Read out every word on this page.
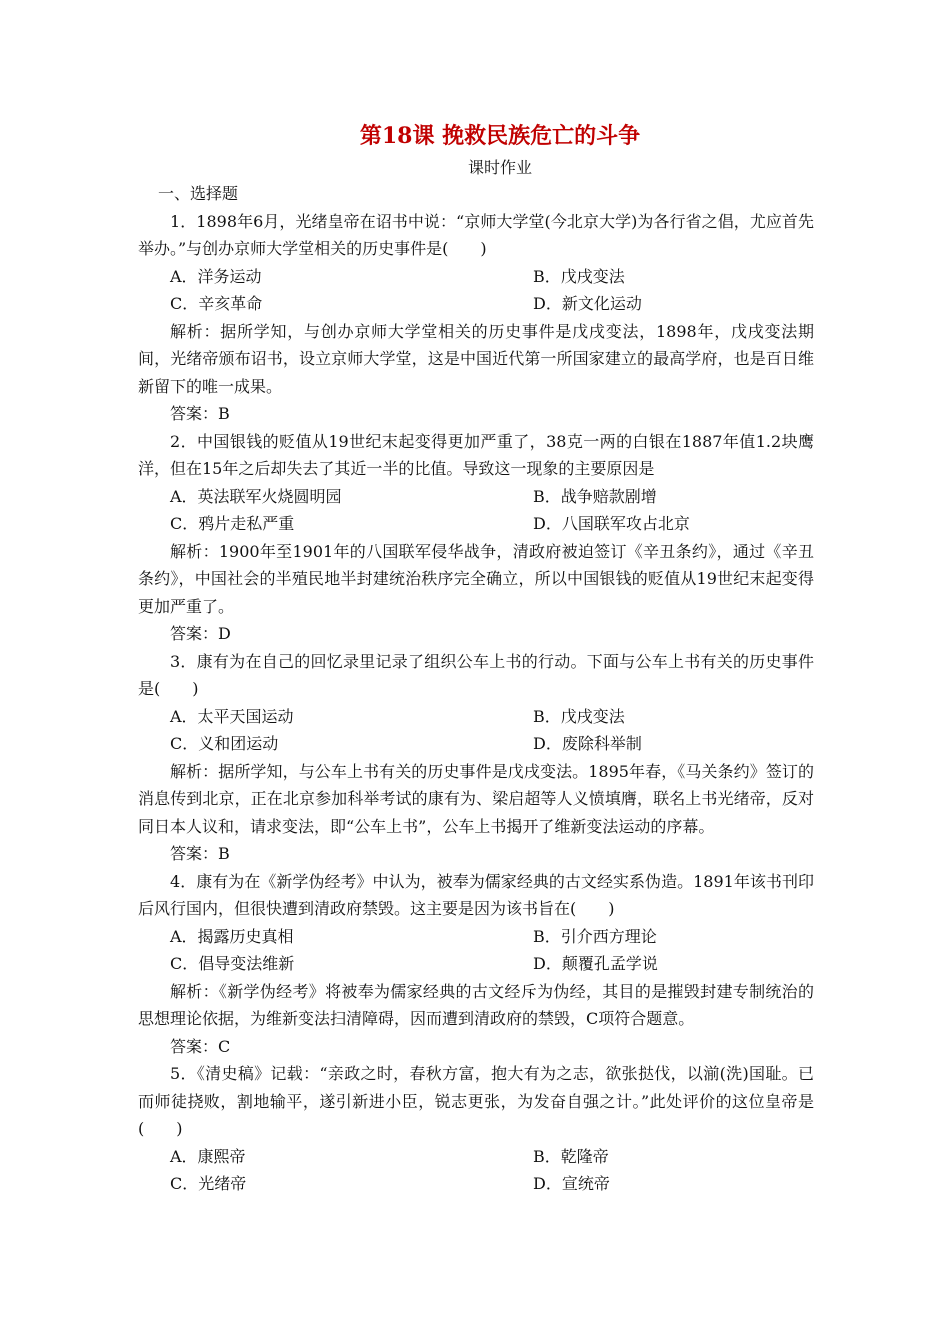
第18课 挽救民族危亡的斗争
课时作业

一、选择题

1．1898年6月，光绪皇帝在诏书中说：“京师大学堂(今北京大学)为各行省之倡，尤应首先举办。”与创办京师大学堂相关的历史事件是(　　)

A．洋务运动	B．戊戌变法
C．辛亥革命	D．新文化运动

解析：据所学知，与创办京师大学堂相关的历史事件是戊戌变法，1898年，戊戌变法期间，光绪帝颁布诏书，设立京师大学堂，这是中国近代第一所国家建立的最高学府，也是百日维新留下的唯一成果。

答案：B

2．中国银钱的贬值从19世纪末起变得更加严重了，38克一两的白银在1887年值1.2块鹰洋，但在15年之后却失去了其近一半的比值。导致这一现象的主要原因是

A．英法联军火烧圆明园	B．战争赔款剧增
C．鸦片走私严重	D．八国联军攻占北京

解析：1900年至1901年的八国联军侵华战争，清政府被迫签订《辛丑条约》，通过《辛丑条约》，中国社会的半殖民地半封建统治秩序完全确立，所以中国银钱的贬值从19世纪末起变得更加严重了。

答案：D

3．康有为在自己的回忆录里记录了组织公车上书的行动。下面与公车上书有关的历史事件是(　　)

A．太平天国运动	B．戊戌变法
C．义和团运动	D．废除科举制

解析：据所学知，与公车上书有关的历史事件是戊戌变法。1895年春，《马关条约》签订的消息传到北京，正在北京参加科举考试的康有为、梁启超等人义愤填膺，联名上书光绪帝，反对同日本人议和，请求变法，即“公车上书”，公车上书揭开了维新变法运动的序幕。

答案：B

4．康有为在《新学伪经考》中认为，被奉为儒家经典的古文经实系伪造。1891年该书刊印后风行国内，但很快遭到清政府禁毁。这主要是因为该书旨在(　　)

A．揭露历史真相	B．引介西方理论
C．倡导变法维新	D．颠覆孔孟学说

解析：《新学伪经考》将被奉为儒家经典的古文经斥为伪经，其目的是摧毁封建专制统治的思想理论依据，为维新变法扫清障碍，因而遭到清政府的禁毁，C项符合题意。

答案：C

5．《清史稿》记载：“亲政之时，春秋方富，抱大有为之志，欲张挞伐，以湔(洗)国耻。已而师徒挠败，割地输平，遂引新进小臣，锐志更张，为发奋自强之计。”此处评价的这位皇帝是(　　)

A．康熙帝	B．乾隆帝
C．光绪帝	D．宣统帝
